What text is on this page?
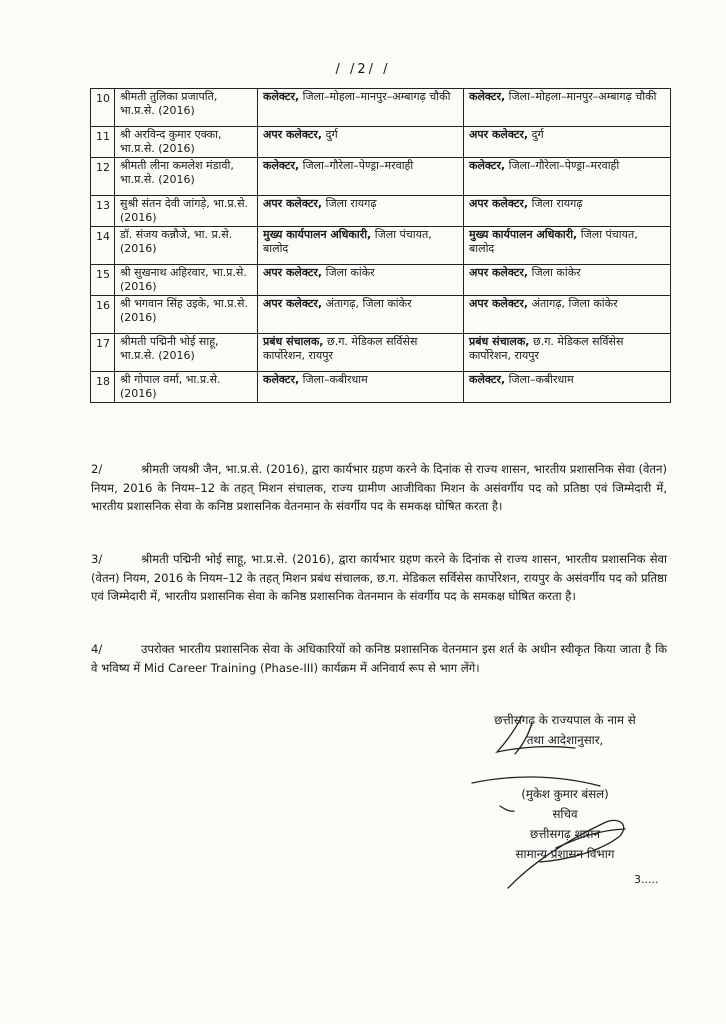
/ /2/ /
10	श्रीमती तुलिका प्रजापति, भा.प्र.से. (2016)	कलेक्टर, जिला–मोहला–मानपुर–अम्बागढ़ चौकी	कलेक्टर, जिला–मोहला–मानपुर–अम्बागढ़ चौकी
11	श्री अरविन्द कुमार एक्का, भा.प्र.से. (2016)	अपर कलेक्टर, दुर्ग	अपर कलेक्टर, दुर्ग
12	श्रीमती लीना कमलेश मंडावी, भा.प्र.से. (2016)	कलेक्टर, जिला–गौरेला–पेण्ड्रा–मरवाही	कलेक्टर, जिला–गौरेला–पेण्ड्रा–मरवाही
13	सुश्री संतन देवी जांगड़े, भा.प्र.से. (2016)	अपर कलेक्टर, जिला रायगढ़	अपर कलेक्टर, जिला रायगढ़
14	डॉ. संजय कन्नौजे, भा. प्र.से. (2016)	मुख्य कार्यपालन अधिकारी, जिला पंचायत, बालोद	मुख्य कार्यपालन अधिकारी, जिला पंचायत, बालोद
15	श्री सुखनाथ अहिरवार, भा.प्र.से. (2016)	अपर कलेक्टर, जिला कांकेर	अपर कलेक्टर, जिला कांकेर
16	श्री भगवान सिंह उइके, भा.प्र.से. (2016)	अपर कलेक्टर, अंतागढ़, जिला कांकेर	अपर कलेक्टर, अंतागढ़, जिला कांकेर
17	श्रीमती पद्मिनी भोई साहू, भा.प्र.से. (2016)	प्रबंध संचालक, छ.ग. मेडिकल सर्विसेस कार्पोरेशन, रायपुर	प्रबंध संचालक, छ.ग. मेडिकल सर्विसेस कार्पोरेशन, रायपुर
18	श्री गोपाल वर्मा, भा.प्र.से. (2016)	कलेक्टर, जिला–कबीरधाम	कलेक्टर, जिला–कबीरधाम
2/	श्रीमती जयश्री जैन, भा.प्र.से. (2016), द्वारा कार्यभार ग्रहण करने के दिनांक से राज्य शासन, भारतीय प्रशासनिक सेवा (वेतन) नियम, 2016 के नियम–12 के तहत् मिशन संचालक, राज्य ग्रामीण आजीविका मिशन के असंवर्गीय पद को प्रतिष्ठा एवं जिम्मेदारी में, भारतीय प्रशासनिक सेवा के कनिष्ठ प्रशासनिक वेतनमान के संवर्गीय पद के समकक्ष घोषित करता है।
3/	श्रीमती पद्मिनी भोई साहू, भा.प्र.से. (2016), द्वारा कार्यभार ग्रहण करने के दिनांक से राज्य शासन, भारतीय प्रशासनिक सेवा (वेतन) नियम, 2016 के नियम–12 के तहत् मिशन प्रबंध संचालक, छ.ग. मेडिकल सर्विसेस कार्पोरेशन, रायपुर के असंवर्गीय पद को प्रतिष्ठा एवं जिम्मेदारी में, भारतीय प्रशासनिक सेवा के कनिष्ठ प्रशासनिक वेतनमान के संवर्गीय पद के समकक्ष घोषित करता है।
4/	उपरोक्त भारतीय प्रशासनिक सेवा के अधिकारियों को कनिष्ठ प्रशासनिक वेतनमान इस शर्त के अधीन स्वीकृत किया जाता है कि वे भविष्य में Mid Career Training (Phase-III) कार्यक्रम में अनिवार्य रूप से भाग लेंगे।
छत्तीसगढ़ के राज्यपाल के नाम से
तथा आदेशानुसार,
(मुकेश कुमार बंसल)
सचिव
छत्तीसगढ़ शासन
सामान्य प्रशासन विभाग
3.....
